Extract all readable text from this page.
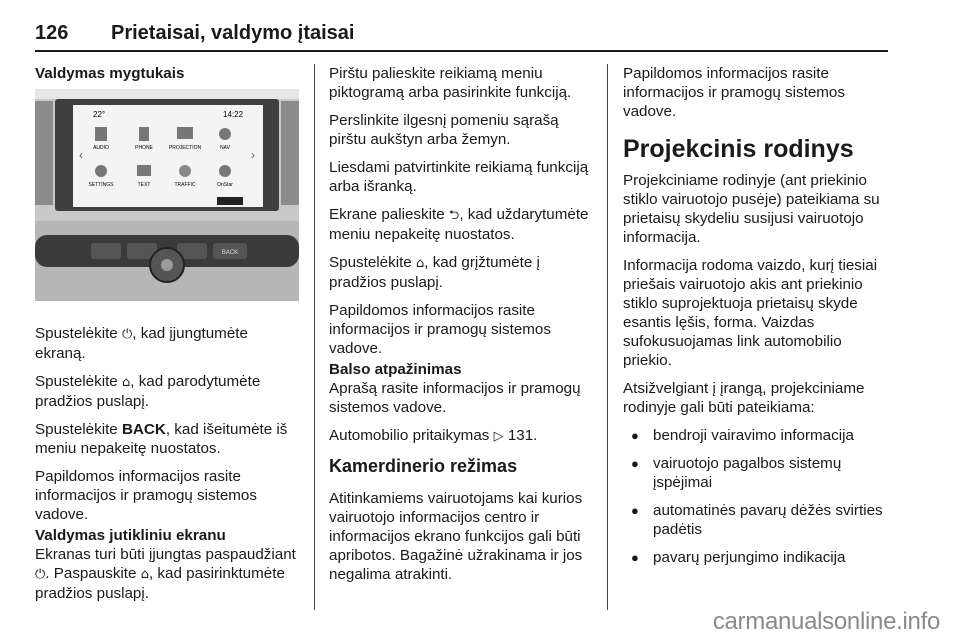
126 Prietaisai, valdymo įtaisai

Valdymas mygtukais

22°	14:22
‹	›
AUDIO	PHONE	PROJECTION	NAV
SETTINGS	TEXT	TRAFFIC	OnStar
BACK

Spustelėkite ⏻, kad įjungtumėte ekraną.

Spustelėkite ⌂, kad parodytumėte pradžios puslapį.

Spustelėkite BACK, kad išeitumėte iš meniu nepakeitę nuostatos.

Papildomos informacijos rasite informacijos ir pramogų sistemos vadove.

Valdymas jutikliniu ekranu

Ekranas turi būti įjungtas paspaudžiant ⏻. Paspauskite ⌂, kad pasirinktumėte pradžios puslapį.

Pirštu palieskite reikiamą meniu piktogramą arba pasirinkite funkciją.

Perslinkite ilgesnį pomeniu sąrašą pirštu aukštyn arba žemyn.

Liesdami patvirtinkite reikiamą funkciją arba išranką.

Ekrane palieskite ⮌, kad uždarytumėte meniu nepakeitę nuostatos.

Spustelėkite ⌂, kad grįžtumėte į pradžios puslapį.

Papildomos informacijos rasite informacijos ir pramogų sistemos vadove.

Balso atpažinimas

Aprašą rasite informacijos ir pramogų sistemos vadove.

Automobilio pritaikymas ▷ 131.

Kamerdinerio režimas

Atitinkamiems vairuotojams kai kurios vairuotojo informacijos centro ir informacijos ekrano funkcijos gali būti apribotos. Bagažinė užrakinama ir jos negalima atrakinti.

Papildomos informacijos rasite informacijos ir pramogų sistemos vadove.

Projekcinis rodinys

Projekciniame rodinyje (ant priekinio stiklo vairuotojo pusėje) pateikiama su prietaisų skydeliu susijusi vairuotojo informacija.

Informacija rodoma vaizdo, kurį tiesiai priešais vairuotojo akis ant priekinio stiklo suprojektuoja prietaisų skyde esantis lęšis, forma. Vaizdas sufokusuojamas link automobilio priekio.

Atsižvelgiant į įrangą, projekciniame rodinyje gali būti pateikiama:

● bendroji vairavimo informacija
● vairuotojo pagalbos sistemų įspėjimai
● automatinės pavarų dėžės svirties padėtis
● pavarų perjungimo indikacija
carmanualsonline.info
